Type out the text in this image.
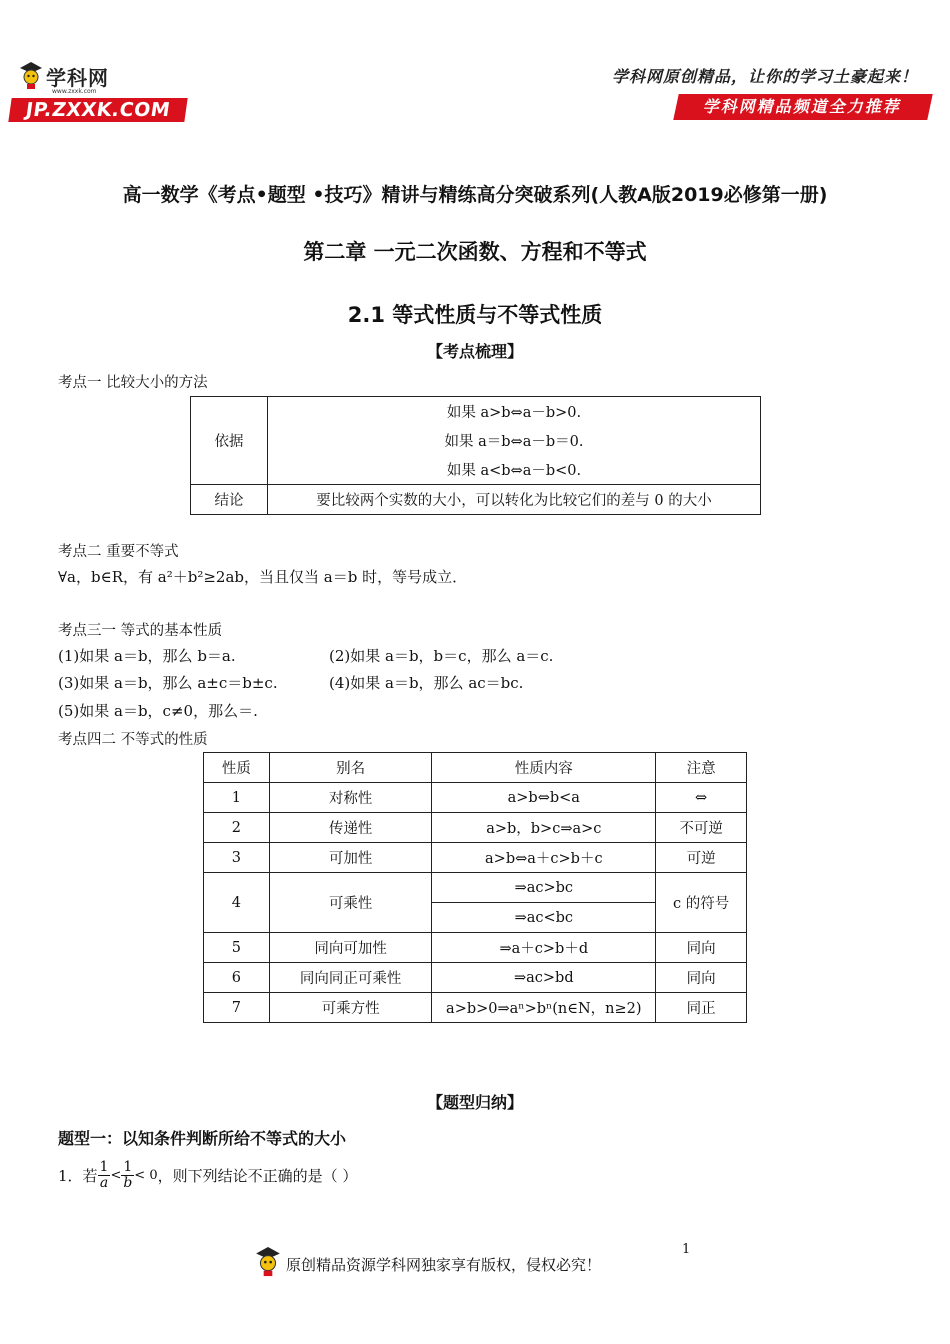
学科网
www.zxxk.com
JP.ZXXK.COM
学科网原创精品，让你的学习土豪起来！
学科网精品频道全力推荐
高一数学《考点•题型 •技巧》精讲与精练高分突破系列(人教A版2019必修第一册)
第二章 一元二次函数、方程和不等式
2.1 等式性质与不等式性质
【考点梳理】
考点一 比较大小的方法
依据	如果 a>b⇔a－b>0.
	如果 a＝b⇔a－b＝0.
	如果 a<b⇔a－b<0.
结论	要比较两个实数的大小，可以转化为比较它们的差与 0 的大小
考点二 重要不等式
∀a，b∈R，有 a²＋b²≥2ab，当且仅当 a＝b 时，等号成立．
考点三一 等式的基本性质
(1)如果 a＝b，那么 b＝a.	(2)如果 a＝b，b＝c，那么 a＝c.
(3)如果 a＝b，那么 a±c＝b±c.	(4)如果 a＝b，那么 ac＝bc.
(5)如果 a＝b，c≠0，那么＝.
考点四二 不等式的性质
性质	别名	性质内容	注意
1	对称性	a>b⇔b<a	⇔
2	传递性	a>b，b>c⇒a>c	不可逆
3	可加性	a>b⇔a＋c>b＋c	可逆
4	可乘性	⇒ac>bc	c 的符号
		⇒ac<bc	
5	同向可加性	⇒a＋c>b＋d	同向
6	同向同正可乘性	⇒ac>bd	同向
7	可乘方性	a>b>0⇒aⁿ>bⁿ(n∈N，n≥2)	同正
【题型归纳】
题型一：以知条件判断所给不等式的大小
1．若 $\frac{1}{a} < \frac{1}{b} < 0$ ，则下列结论不正确的是（ ）
原创精品资源学科网独家享有版权，侵权必究！
1
